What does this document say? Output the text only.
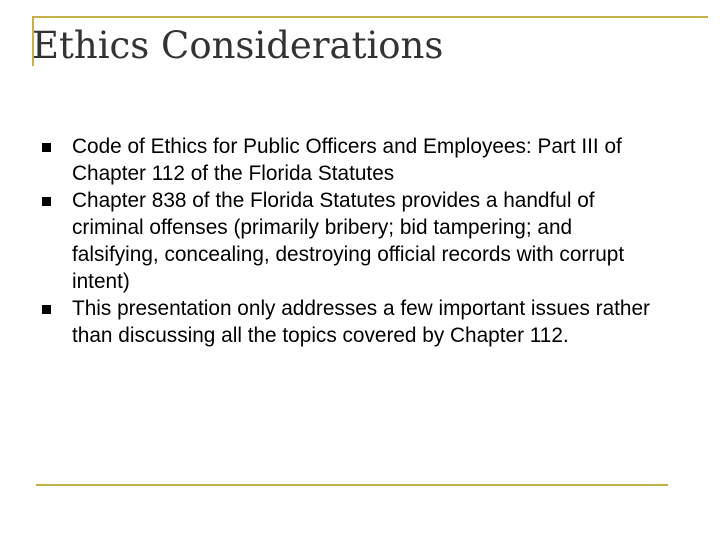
Ethics Considerations
Code of Ethics for Public Officers and Employees: Part III of Chapter 112 of the Florida Statutes
Chapter 838 of the Florida Statutes provides a handful of criminal offenses (primarily bribery; bid tampering; and falsifying, concealing, destroying official records with corrupt intent)
This presentation only addresses a few important issues rather than discussing all the topics covered by Chapter 112.
